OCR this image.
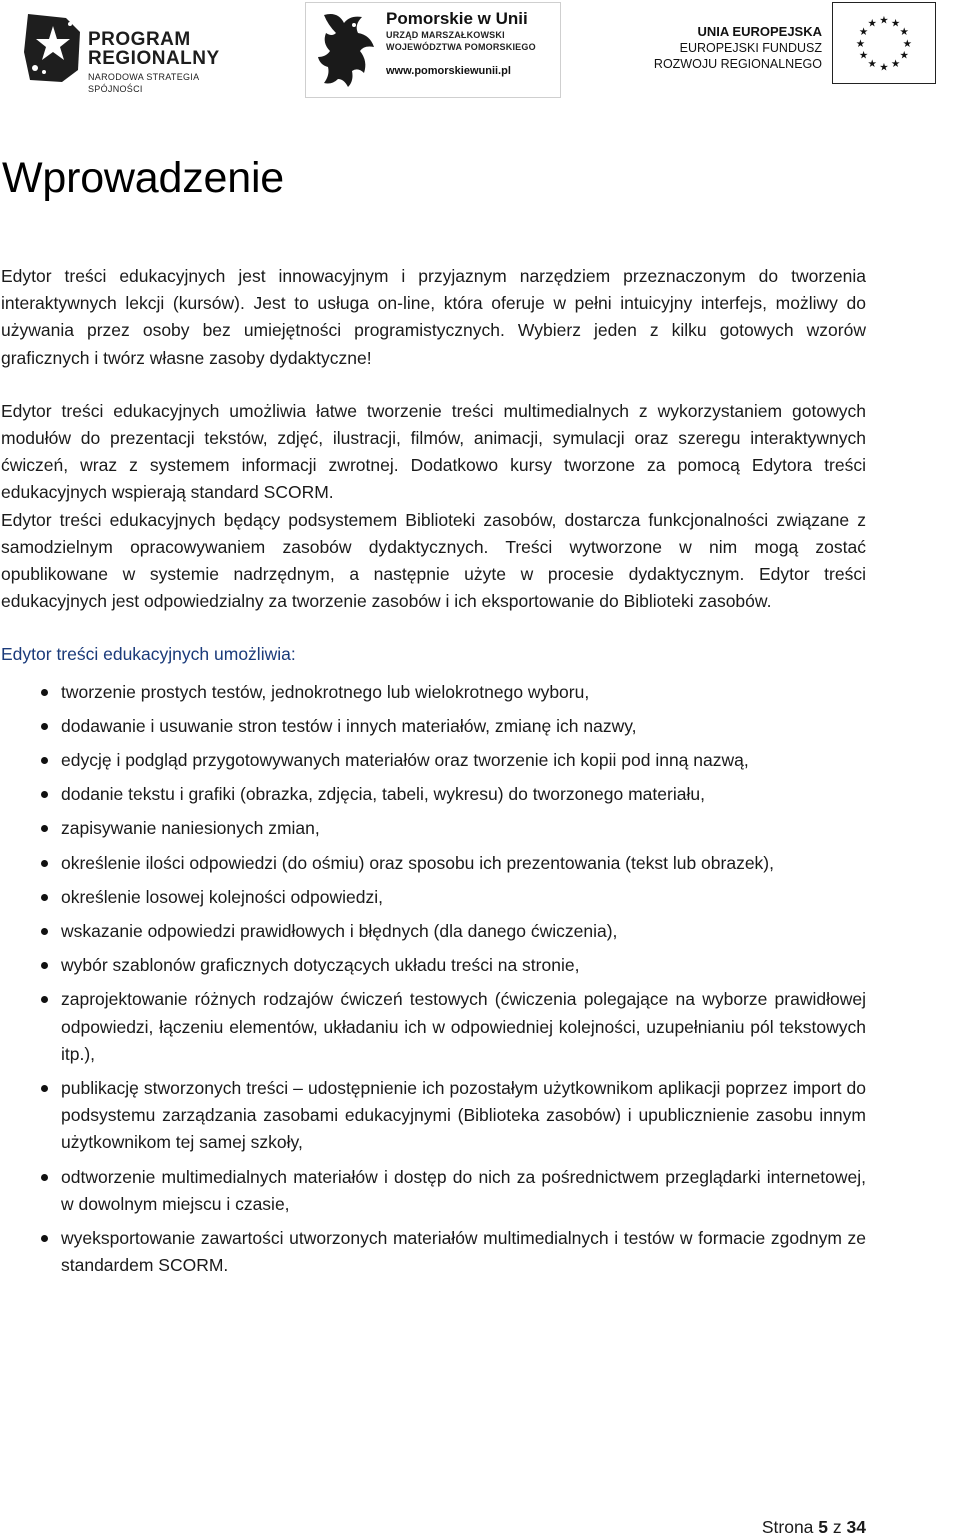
PROGRAM
REGIONALNY
NARODOWA STRATEGIA SPÓJNOŚCI
Pomorskie w Unii
URZĄD MARSZAŁKOWSKI
WOJEWÓDZTWA POMORSKIEGO
www.pomorskiewunii.pl
UNIA EUROPEJSKA
EUROPEJSKI FUNDUSZ
ROZWOJU REGIONALNEGO
★ ★
★
★
★
★
★
★
★
★
★
★
Wprowadzenie

Edytor treści edukacyjnych jest innowacyjnym i przyjaznym narzędziem przeznaczonym do tworzenia interaktywnych lekcji (kursów). Jest to usługa on-line, która oferuje w pełni intuicyjny interfejs, możliwy do używania przez osoby bez umiejętności programistycznych. Wybierz jeden z kilku gotowych wzorów graficznych i twórz własne zasoby dydaktyczne!

Edytor treści edukacyjnych umożliwia łatwe tworzenie treści multimedialnych z wykorzystaniem gotowych modułów do prezentacji tekstów, zdjęć, ilustracji, filmów, animacji, symulacji oraz szeregu interaktywnych ćwiczeń, wraz z systemem informacji zwrotnej. Dodatkowo kursy tworzone za pomocą Edytora treści edukacyjnych wspierają standard SCORM.

Edytor treści edukacyjnych będący podsystemem Biblioteki zasobów, dostarcza funkcjonalności związane z samodzielnym opracowywaniem zasobów dydaktycznych. Treści wytworzone w nim mogą zostać opublikowane w systemie nadrzędnym, a następnie użyte w procesie dydaktycznym. Edytor treści edukacyjnych jest odpowiedzialny za tworzenie zasobów i ich eksportowanie do Biblioteki zasobów.

Edytor treści edukacyjnych umożliwia:

tworzenie prostych testów, jednokrotnego lub wielokrotnego wyboru,
dodawanie i usuwanie stron testów i innych materiałów, zmianę ich nazwy,
edycję i podgląd przygotowywanych materiałów oraz tworzenie ich kopii pod inną nazwą,
dodanie tekstu i grafiki (obrazka, zdjęcia, tabeli, wykresu) do tworzonego materiału,
zapisywanie naniesionych zmian,
określenie ilości odpowiedzi (do ośmiu) oraz sposobu ich prezentowania (tekst lub obrazek),
określenie losowej kolejności odpowiedzi,
wskazanie odpowiedzi prawidłowych i błędnych (dla danego ćwiczenia),
wybór szablonów graficznych dotyczących układu treści na stronie,
zaprojektowanie różnych rodzajów ćwiczeń testowych (ćwiczenia polegające na wyborze prawidłowej odpowiedzi, łączeniu elementów, układaniu ich w odpowiedniej kolejności, uzupełnianiu pól tekstowych itp.),
publikację stworzonych treści – udostępnienie ich pozostałym użytkownikom aplikacji poprzez import do podsystemu zarządzania zasobami edukacyjnymi (Biblioteka zasobów) i upublicznienie zasobu innym użytkownikom tej samej szkoły,
odtworzenie multimedialnych materiałów i dostęp do nich za pośrednictwem przeglądarki internetowej, w dowolnym miejscu i czasie,
wyeksportowanie zawartości utworzonych materiałów multimedialnych i testów w formacie zgodnym ze standardem SCORM.
Strona 5 z 34
